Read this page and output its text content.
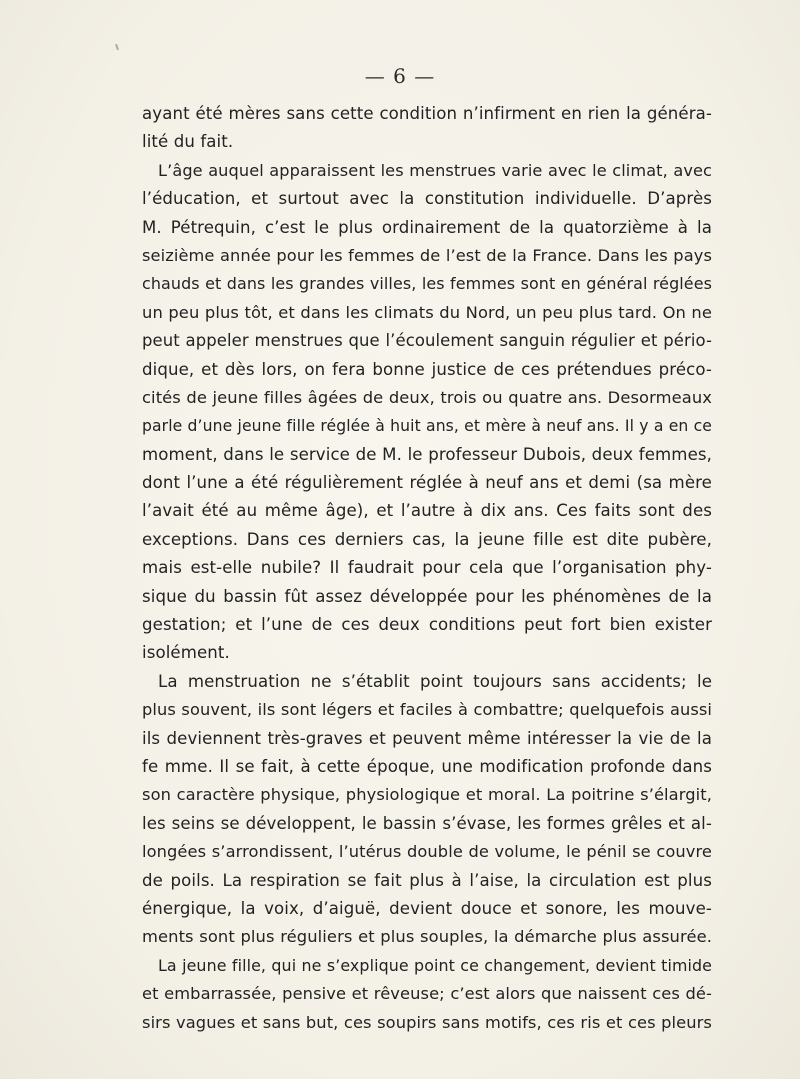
— 6 —
ayant été mères sans cette condition n’infirment en rien la généra-
lité du fait.
L’âge auquel apparaissent les menstrues varie avec le climat, avec
l’éducation, et surtout avec la constitution individuelle. D’après
M. Pétrequin, c’est le plus ordinairement de la quatorzième à la
seizième année pour les femmes de l’est de la France. Dans les pays
chauds et dans les grandes villes, les femmes sont en général réglées
un peu plus tôt, et dans les climats du Nord, un peu plus tard. On ne
peut appeler menstrues que l’écoulement sanguin régulier et pério-
dique, et dès lors, on fera bonne justice de ces prétendues préco-
cités de jeune filles âgées de deux, trois ou quatre ans. Desormeaux
parle d’une jeune fille réglée à huit ans, et mère à neuf ans. Il y a en ce
moment, dans le service de M. le professeur Dubois, deux femmes,
dont l’une a été régulièrement réglée à neuf ans et demi (sa mère
l’avait été au même âge), et l’autre à dix ans. Ces faits sont des
exceptions. Dans ces derniers cas, la jeune fille est dite pubère,
mais est-elle nubile? Il faudrait pour cela que l’organisation phy-
sique du bassin fût assez développée pour les phénomènes de la
gestation; et l’une de ces deux conditions peut fort bien exister
isolément.
La menstruation ne s’établit point toujours sans accidents; le
plus souvent, ils sont légers et faciles à combattre; quelquefois aussi
ils deviennent très-graves et peuvent même intéresser la vie de la
fe mme. Il se fait, à cette époque, une modification profonde dans
son caractère physique, physiologique et moral. La poitrine s’élargit,
les seins se développent, le bassin s’évase, les formes grêles et al-
longées s’arrondissent, l’utérus double de volume, le pénil se couvre
de poils. La respiration se fait plus à l’aise, la circulation est plus
énergique, la voix, d’aiguë, devient douce et sonore, les mouve-
ments sont plus réguliers et plus souples, la démarche plus assurée.
La jeune fille, qui ne s’explique point ce changement, devient timide
et embarrassée, pensive et rêveuse; c’est alors que naissent ces dé-
sirs vagues et sans but, ces soupirs sans motifs, ces ris et ces pleurs
